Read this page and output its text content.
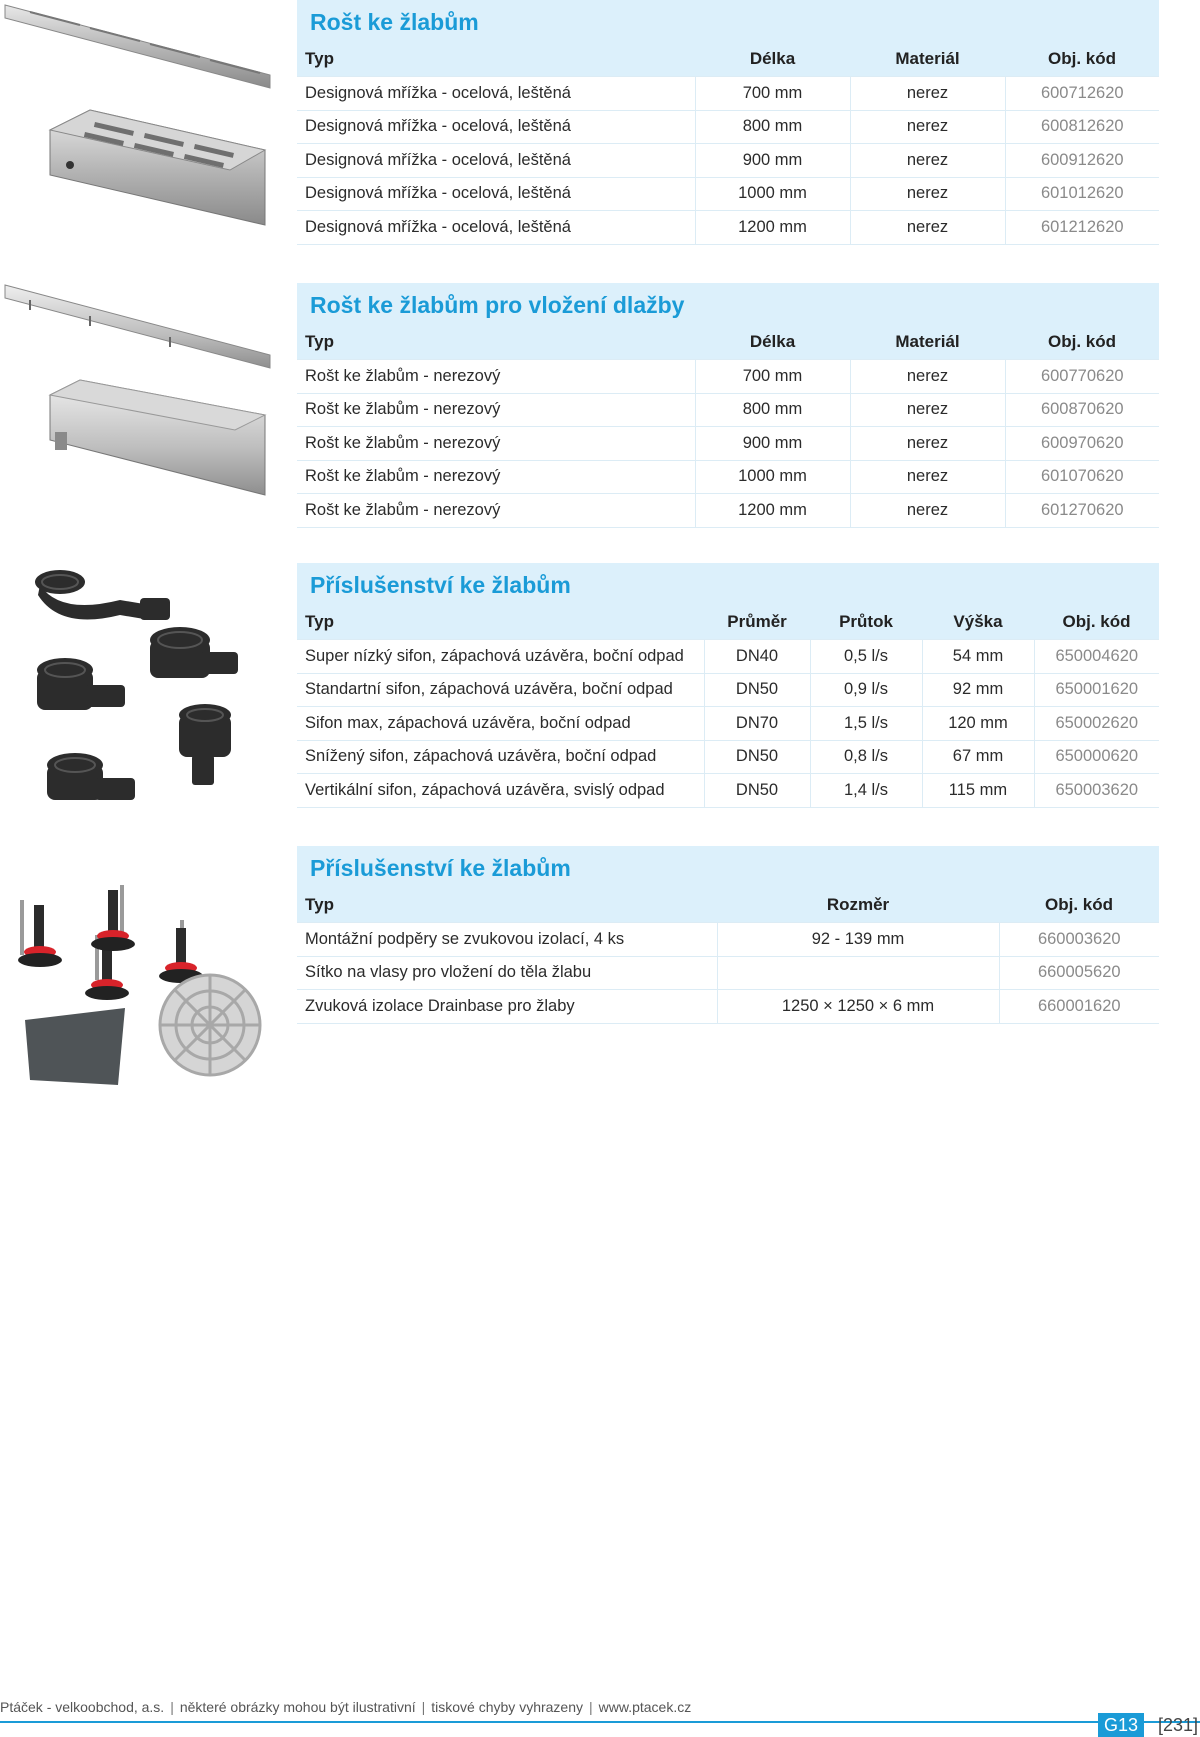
Rošt ke žlabům
Typ	Délka	Materiál	Obj. kód
Designová mřížka - ocelová, leštěná	700 mm	nerez	600712620
Designová mřížka - ocelová, leštěná	800 mm	nerez	600812620
Designová mřížka - ocelová, leštěná	900 mm	nerez	600912620
Designová mřížka - ocelová, leštěná	1000 mm	nerez	601012620
Designová mřížka - ocelová, leštěná	1200 mm	nerez	601212620
Rošt ke žlabům pro vložení dlažby
Typ	Délka	Materiál	Obj. kód
Rošt ke žlabům - nerezový	700 mm	nerez	600770620
Rošt ke žlabům - nerezový	800 mm	nerez	600870620
Rošt ke žlabům - nerezový	900 mm	nerez	600970620
Rošt ke žlabům - nerezový	1000 mm	nerez	601070620
Rošt ke žlabům - nerezový	1200 mm	nerez	601270620
Příslušenství ke žlabům
Typ	Průměr	Průtok	Výška	Obj. kód
Super nízký sifon, zápachová uzávěra, boční odpad	DN40	0,5 l/s	54 mm	650004620
Standartní sifon, zápachová uzávěra, boční odpad	DN50	0,9 l/s	92 mm	650001620
Sifon max, zápachová uzávěra, boční odpad	DN70	1,5 l/s	120 mm	650002620
Snížený sifon, zápachová uzávěra, boční odpad	DN50	0,8 l/s	67 mm	650000620
Vertikální sifon, zápachová uzávěra, svislý odpad	DN50	1,4 l/s	115 mm	650003620
Příslušenství ke žlabům
Typ	Rozměr	Obj. kód
Montážní podpěry se zvukovou izolací, 4 ks	92 - 139 mm	660003620
Sítko na vlasy pro vložení do těla žlabu		660005620
Zvuková izolace Drainbase pro žlaby	1250 × 1250 × 6 mm	660001620
Ptáček - velkoobchod, a.s. | některé obrázky mohou být ilustrativní | tiskové chyby vyhrazeny | www.ptacek.cz
G13	[231]
